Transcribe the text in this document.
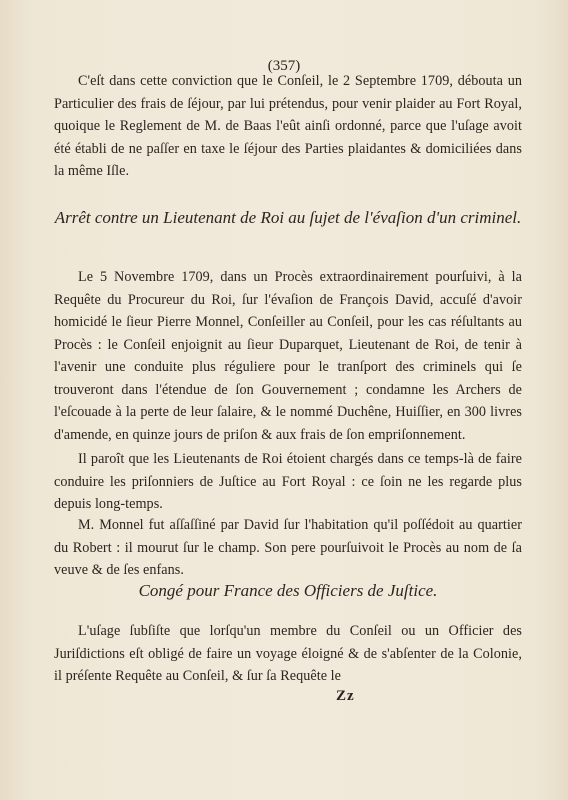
(357)

C'eſt dans cette conviction que le Conſeil, le 2 Septembre 1709, débouta un Particulier des frais de ſéjour, par lui prétendus, pour venir plaider au Fort Royal, quoique le Reglement de M. de Baas l'eût ainſi ordonné, parce que l'uſage avoit été établi de ne paſſer en taxe le ſéjour des Parties plaidantes & domiciliées dans la même Iſle.

Arrêt contre un Lieutenant de Roi au ſujet de l'évaſion d'un criminel.

Le 5 Novembre 1709, dans un Procès extraordinairement pourſuivi, à la Requête du Procureur du Roi, ſur l'évaſion de François David, accuſé d'avoir homicidé le ſieur Pierre Monnel, Conſeiller au Conſeil, pour les cas réſultants au Procès : le Conſeil enjoignit au ſieur Duparquet, Lieutenant de Roi, de tenir à l'avenir une conduite plus réguliere pour le tranſport des criminels qui ſe trouveront dans l'étendue de ſon Gouvernement ; condamne les Archers de l'eſcouade à la perte de leur ſalaire, & le nommé Duchêne, Huiſſier, en 300 livres d'amende, en quinze jours de priſon & aux frais de ſon empriſonnement.

Il paroît que les Lieutenants de Roi étoient chargés dans ce temps-là de faire conduire les priſonniers de Juſtice au Fort Royal : ce ſoin ne les regarde plus depuis long-temps.

M. Monnel fut aſſaſſiné par David ſur l'habitation qu'il poſſédoit au quartier du Robert : il mourut ſur le champ. Son pere pourſuivoit le Procès au nom de ſa veuve & de ſes enfans.

Congé pour France des Officiers de Juſtice.

L'uſage ſubſiſte que lorſqu'un membre du Conſeil ou un Officier des Juriſdictions eſt obligé de faire un voyage éloigné & de s'abſenter de la Colonie, il préſente Requête au Conſeil, & ſur ſa Requête le

Zz
